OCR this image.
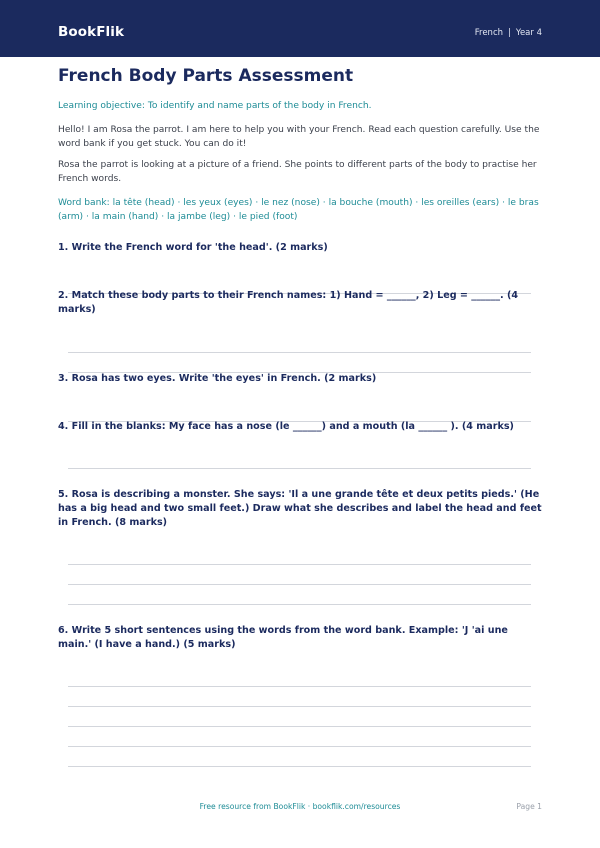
BookFlik	French | Year 4
French Body Parts Assessment
Learning objective: To identify and name parts of the body in French.
Hello! I am Rosa the parrot. I am here to help you with your French. Read each question carefully. Use the word bank if you get stuck. You can do it!
Rosa the parrot is looking at a picture of a friend. She points to different parts of the body to practise her French words.
Word bank: la tête (head) · les yeux (eyes) · le nez (nose) · la bouche (mouth) · les oreilles (ears) · le bras (arm) · la main (hand) · la jambe (leg) · le pied (foot)
1. Write the French word for 'the head'. (2 marks)
2. Match these body parts to their French names: 1) Hand = ______, 2) Leg = ______. (4 marks)
3. Rosa has two eyes. Write 'the eyes' in French. (2 marks)
4. Fill in the blanks: My face has a nose (le ______) and a mouth (la ______ ). (4 marks)
5. Rosa is describing a monster. She says: 'Il a une grande tête et deux petits pieds.' (He has a big head and two small feet.) Draw what she describes and label the head and feet in French. (8 marks)
6. Write 5 short sentences using the words from the word bank. Example: 'J 'ai une main.' (I have a hand.) (5 marks)
Free resource from BookFlik · bookflik.com/resources	Page 1
